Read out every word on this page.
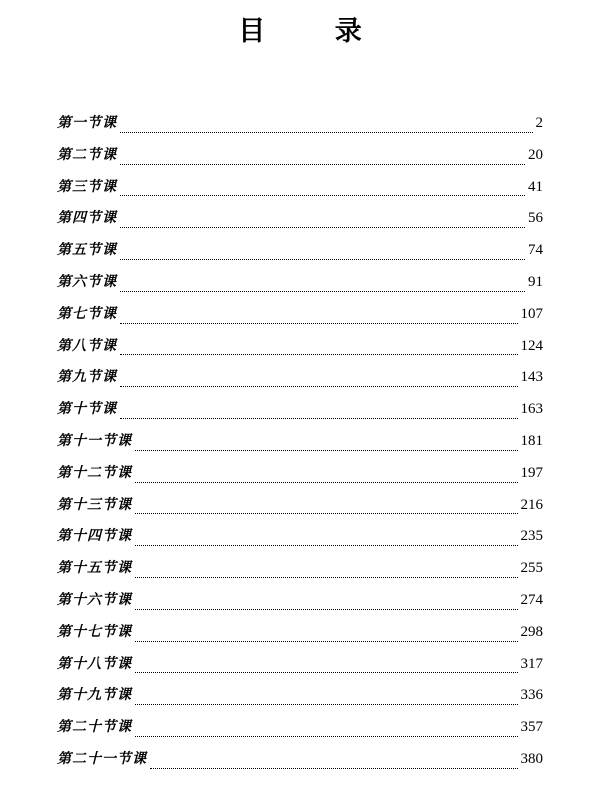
目 录
第一节课	2
第二节课	20
第三节课	41
第四节课	56
第五节课	74
第六节课	91
第七节课	107
第八节课	124
第九节课	143
第十节课	163
第十一节课	181
第十二节课	197
第十三节课	216
第十四节课	235
第十五节课	255
第十六节课	274
第十七节课	298
第十八节课	317
第十九节课	336
第二十节课	357
第二十一节课	380
